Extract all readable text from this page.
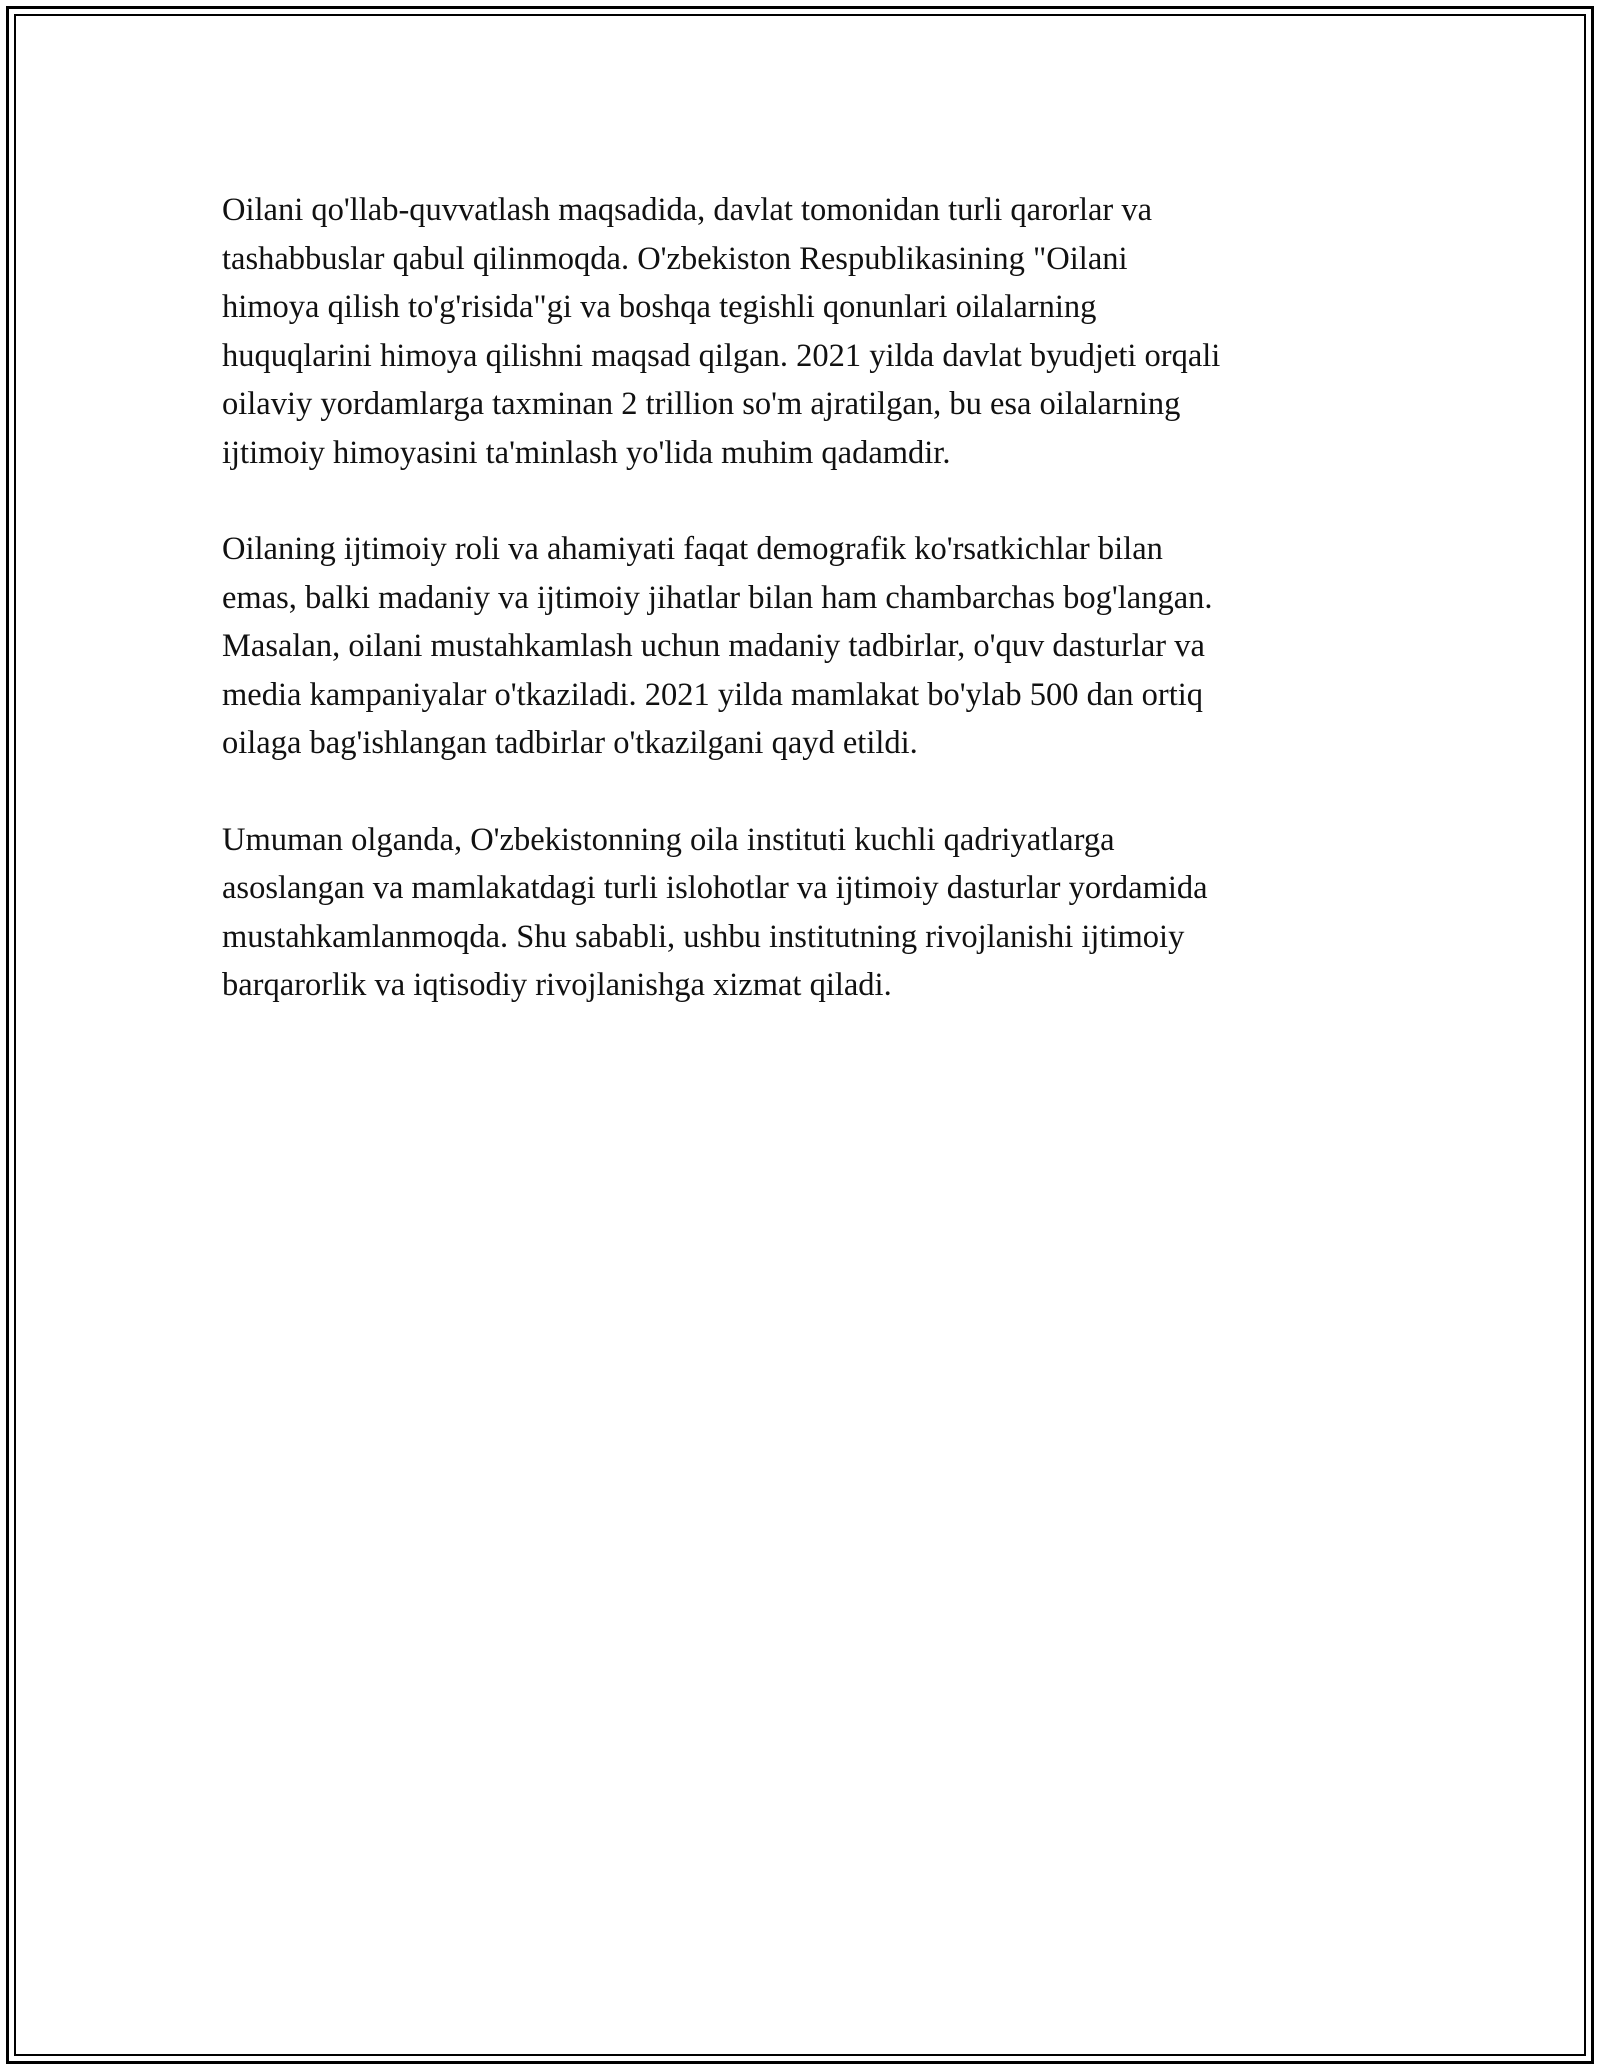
Oilani qo'llab-quvvatlash maqsadida, davlat tomonidan turli qarorlar va
tashabbuslar qabul qilinmoqda. O'zbekiston Respublikasining "Oilani
himoya qilish to'g'risida"gi va boshqa tegishli qonunlari oilalarning
huquqlarini himoya qilishni maqsad qilgan. 2021 yilda davlat byudjeti orqali
oilaviy yordamlarga taxminan 2 trillion so'm ajratilgan, bu esa oilalarning
ijtimoiy himoyasini ta'minlash yo'lida muhim qadamdir.

Oilaning ijtimoiy roli va ahamiyati faqat demografik ko'rsatkichlar bilan
emas, balki madaniy va ijtimoiy jihatlar bilan ham chambarchas bog'langan.
Masalan, oilani mustahkamlash uchun madaniy tadbirlar, o'quv dasturlar va
media kampaniyalar o'tkaziladi. 2021 yilda mamlakat bo'ylab 500 dan ortiq
oilaga bag'ishlangan tadbirlar o'tkazilgani qayd etildi.

Umuman olganda, O'zbekistonning oila instituti kuchli qadriyatlarga
asoslangan va mamlakatdagi turli islohotlar va ijtimoiy dasturlar yordamida
mustahkamlanmoqda. Shu sababli, ushbu institutning rivojlanishi ijtimoiy
barqarorlik va iqtisodiy rivojlanishga xizmat qiladi.
